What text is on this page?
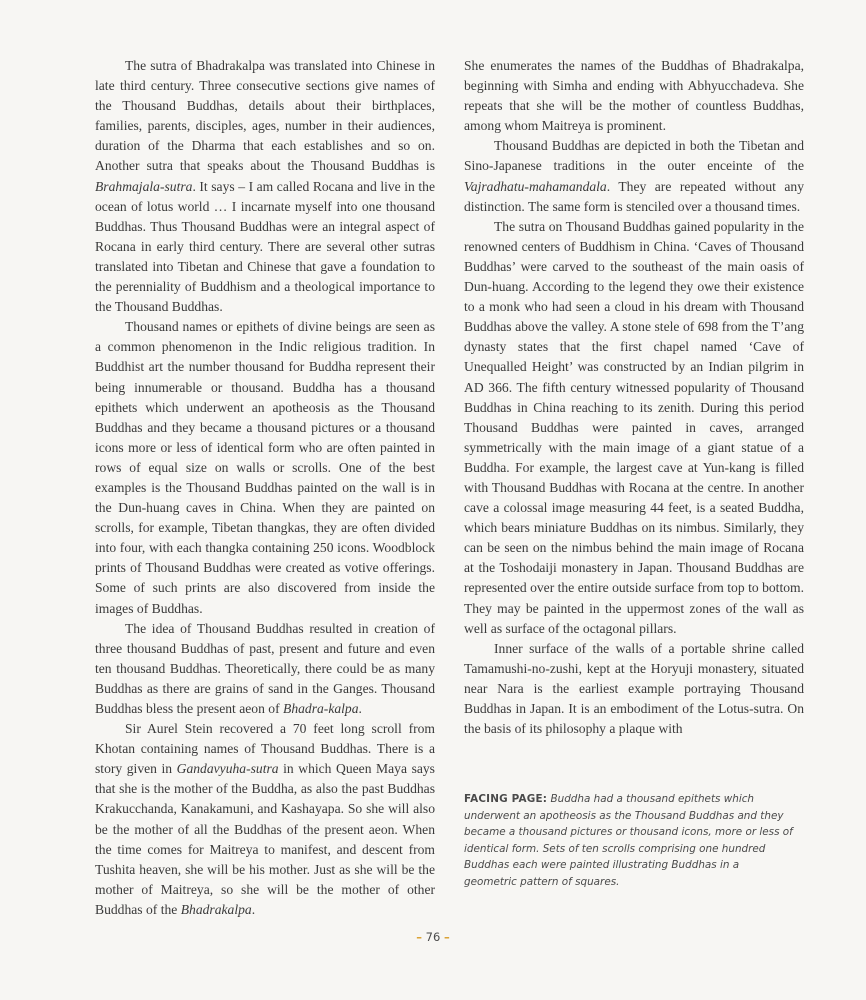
The sutra of Bhadrakalpa was translated into Chinese in late third century. Three consecutive sections give names of the Thousand Buddhas, details about their birthplaces, families, parents, disciples, ages, number in their audiences, duration of the Dharma that each establishes and so on. Another sutra that speaks about the Thousand Buddhas is Brahmajala-sutra. It says – I am called Rocana and live in the ocean of lotus world … I incarnate myself into one thousand Buddhas. Thus Thousand Buddhas were an integral aspect of Rocana in early third century. There are several other sutras translated into Tibetan and Chinese that gave a foundation to the perenniality of Buddhism and a theological importance to the Thousand Buddhas.

Thousand names or epithets of divine beings are seen as a common phenomenon in the Indic religious tradition. In Buddhist art the number thousand for Buddha represent their being innumerable or thousand. Buddha has a thousand epithets which underwent an apotheosis as the Thousand Buddhas and they became a thousand pictures or a thousand icons more or less of identical form who are often painted in rows of equal size on walls or scrolls. One of the best examples is the Thousand Buddhas painted on the wall is in the Dun-huang caves in China. When they are painted on scrolls, for example, Tibetan thangkas, they are often divided into four, with each thangka containing 250 icons. Woodblock prints of Thousand Buddhas were created as votive offerings. Some of such prints are also discovered from inside the images of Buddhas.

The idea of Thousand Buddhas resulted in creation of three thousand Buddhas of past, present and future and even ten thousand Buddhas. Theoretically, there could be as many Buddhas as there are grains of sand in the Ganges. Thousand Buddhas bless the present aeon of Bhadra-kalpa.

Sir Aurel Stein recovered a 70 feet long scroll from Khotan containing names of Thousand Buddhas. There is a story given in Gandavyuha-sutra in which Queen Maya says that she is the mother of the Buddha, as also the past Buddhas Krakucchanda, Kanakamuni, and Kashayapa. So she will also be the mother of all the Buddhas of the present aeon. When the time comes for Maitreya to manifest, and descent from Tushita heaven, she will be his mother. Just as she will be the mother of Maitreya, so she will be the mother of other Buddhas of the Bhadrakalpa.

She enumerates the names of the Buddhas of Bhadrakalpa, beginning with Simha and ending with Abhyucchadeva. She repeats that she will be the mother of countless Buddhas, among whom Maitreya is prominent.

Thousand Buddhas are depicted in both the Tibetan and Sino-Japanese traditions in the outer enceinte of the Vajradhatu-mahamandala. They are repeated without any distinction. The same form is stenciled over a thousand times.

The sutra on Thousand Buddhas gained popularity in the renowned centers of Buddhism in China. ‘Caves of Thousand Buddhas’ were carved to the southeast of the main oasis of Dun-huang. According to the legend they owe their existence to a monk who had seen a cloud in his dream with Thousand Buddhas above the valley. A stone stele of 698 from the T’ang dynasty states that the first chapel named ‘Cave of Unequalled Height’ was constructed by an Indian pilgrim in AD 366. The fifth century witnessed popularity of Thousand Buddhas in China reaching to its zenith. During this period Thousand Buddhas were painted in caves, arranged symmetrically with the main image of a giant statue of a Buddha. For example, the largest cave at Yun-kang is filled with Thousand Buddhas with Rocana at the centre. In another cave a colossal image measuring 44 feet, is a seated Buddha, which bears miniature Buddhas on its nimbus. Similarly, they can be seen on the nimbus behind the main image of Rocana at the Toshodaiji monastery in Japan. Thousand Buddhas are represented over the entire outside surface from top to bottom. They may be painted in the uppermost zones of the wall as well as surface of the octagonal pillars.

Inner surface of the walls of a portable shrine called Tamamushi-no-zushi, kept at the Horyuji monastery, situated near Nara is the earliest example portraying Thousand Buddhas in Japan. It is an embodiment of the Lotus-sutra. On the basis of its philosophy a plaque with

FACING PAGE: Buddha had a thousand epithets which underwent an apotheosis as the Thousand Buddhas and they became a thousand pictures or thousand icons, more or less of identical form. Sets of ten scrolls comprising one hundred Buddhas each were painted illustrating Buddhas in a geometric pattern of squares.
– 76 –
